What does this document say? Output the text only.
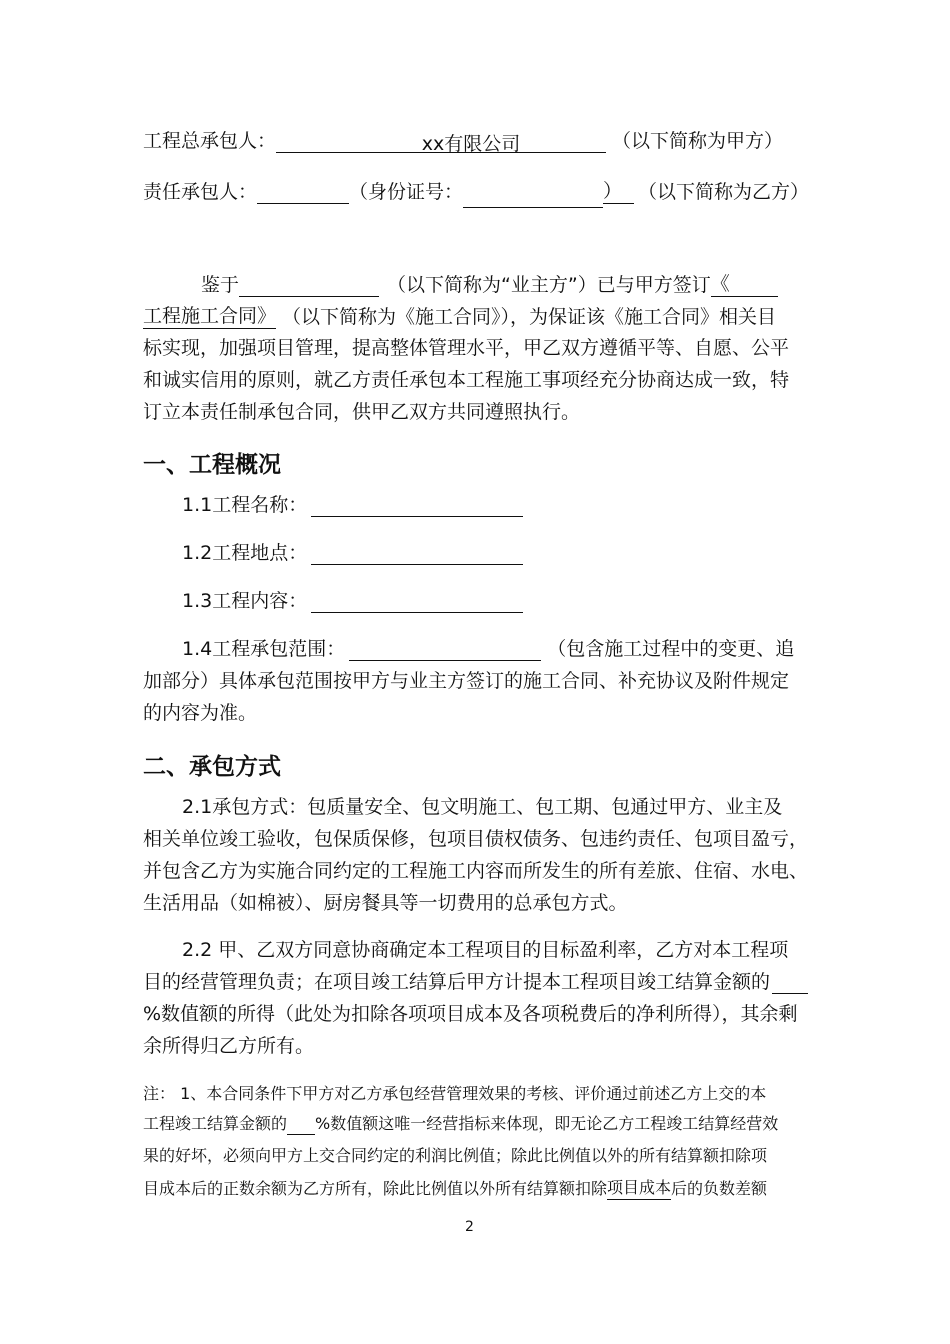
工程总承包人：	xx有限公司	（以下简称为甲方）
责任承包人：	（身份证号：	） （以下简称为乙方）
鉴于	（以下简称为“业主方”）已与甲方签订《
工程施工合同》 （以下简称为《施工合同》），为保证该《施工合同》相关目
标实现，加强项目管理，提高整体管理水平，甲乙双方遵循平等、自愿、公平
和诚实信用的原则，就乙方责任承包本工程施工事项经充分协商达成一致，特
订立本责任制承包合同，供甲乙双方共同遵照执行。
一、工程概况
1.1工程名称：
1.2工程地点：
1.3工程内容：
1.4工程承包范围：	（包含施工过程中的变更、追
加部分）具体承包范围按甲方与业主方签订的施工合同、补充协议及附件规定
的内容为准。
二、承包方式
2.1承包方式：包质量安全、包文明施工、包工期、包通过甲方、业主及
相关单位竣工验收，包保质保修，包项目债权债务、包违约责任、包项目盈亏，
并包含乙方为实施合同约定的工程施工内容而所发生的所有差旅、住宿、水电、
生活用品（如棉被）、厨房餐具等一切费用的总承包方式。
2.2 甲、乙双方同意协商确定本工程项目的目标盈利率，乙方对本工程项
目的经营管理负责；在项目竣工结算后甲方计提本工程项目竣工结算金额的
%数值额的所得（此处为扣除各项项目成本及各项税费后的净利所得），其余剩
余所得归乙方所有。
注： 1、本合同条件下甲方对乙方承包经营管理效果的考核、评价通过前述乙方上交的本
工程竣工结算金额的 %数值额这唯一经营指标来体现，即无论乙方工程竣工结算经营效
果的好坏，必须向甲方上交合同约定的利润比例值；除此比例值以外的所有结算额扣除项
目成本后的正数余额为乙方所有，除此比例值以外所有结算额扣除项目成本后的负数差额
2
